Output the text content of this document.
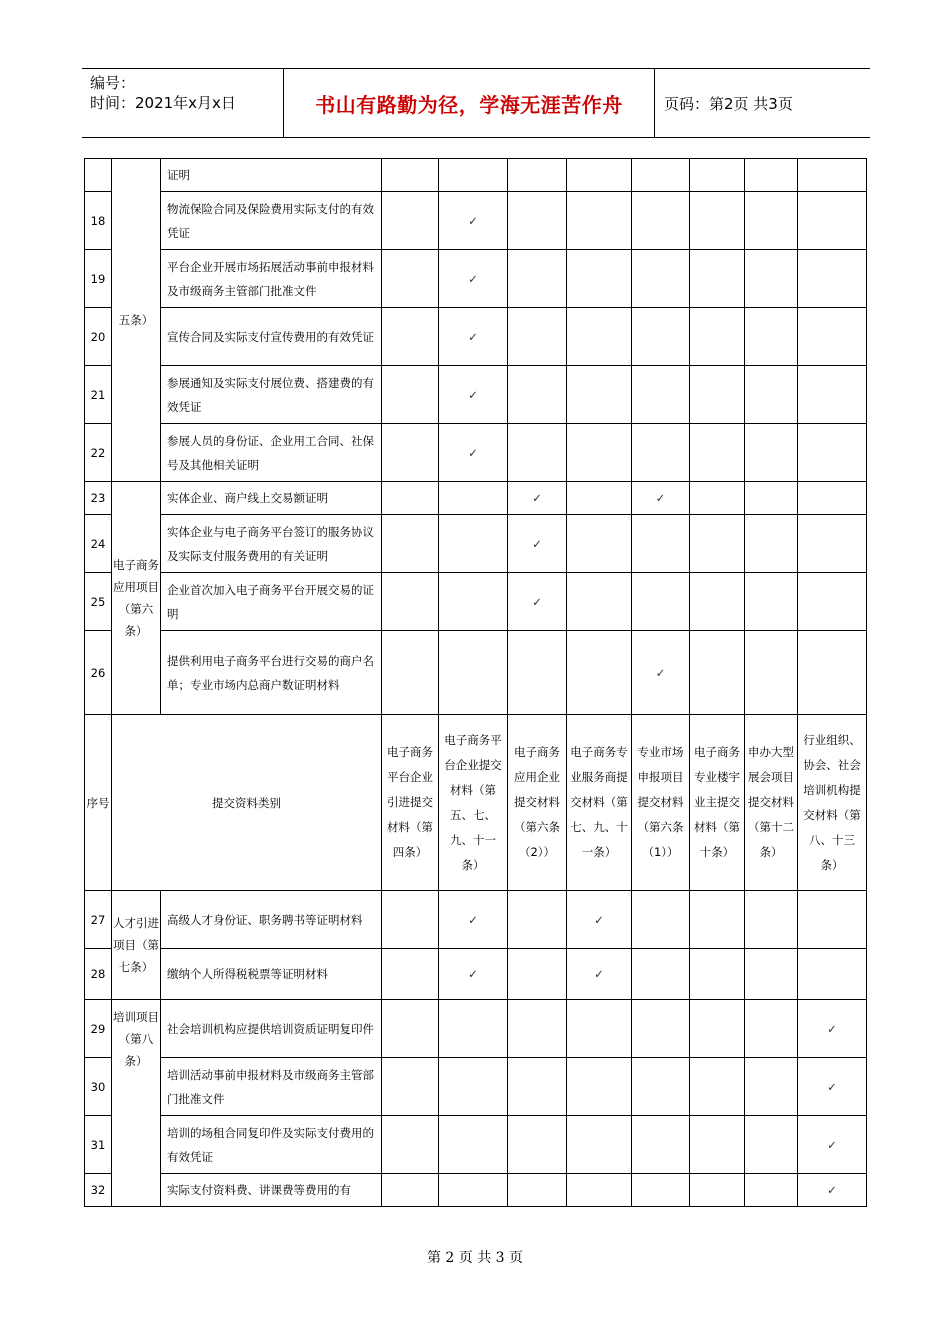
编号：
时间：2021年x月x日	书山有路勤为径，学海无涯苦作舟	页码：第2页 共3页
	五条）	证明								
18		物流保险合同及保险费用实际支付的有效凭证		✓						
19		平台企业开展市场拓展活动事前申报材料及市级商务主管部门批准文件		✓						
20		宣传合同及实际支付宣传费用的有效凭证		✓						
21		参展通知及实际支付展位费、搭建费的有效凭证		✓						
22		参展人员的身份证、企业用工合同、社保号及其他相关证明		✓						
23	电子商务应用项目（第六条）	实体企业、商户线上交易额证明			✓		✓			
24		实体企业与电子商务平台签订的服务协议及实际支付服务费用的有关证明			✓					
25		企业首次加入电子商务平台开展交易的证明			✓					
26		提供利用电子商务平台进行交易的商户名单；专业市场内总商户数证明材料					✓			
序号	提交资料类别		电子商务平台企业引进提交材料（第四条）	电子商务平台企业提交材料（第五、七、九、十一条）	电子商务应用企业提交材料（第六条（2））	电子商务专业服务商提交材料（第七、九、十一条）	专业市场申报项目提交材料（第六条（1））	电子商务专业楼宇业主提交材料（第十条）	申办大型展会项目提交材料（第十二条）	行业组织、协会、社会培训机构提交材料（第八、十三条）
27	人才引进项目（第七条）	高级人才身份证、职务聘书等证明材料		✓		✓				
28		缴纳个人所得税税票等证明材料		✓		✓				
29	培训项目（第八条）	社会培训机构应提供培训资质证明复印件								✓
30		培训活动事前申报材料及市级商务主管部门批准文件								✓
31		培训的场租合同复印件及实际支付费用的有效凭证								✓
32		实际支付资料费、讲课费等费用的有								✓
第 2 页 共 3 页
